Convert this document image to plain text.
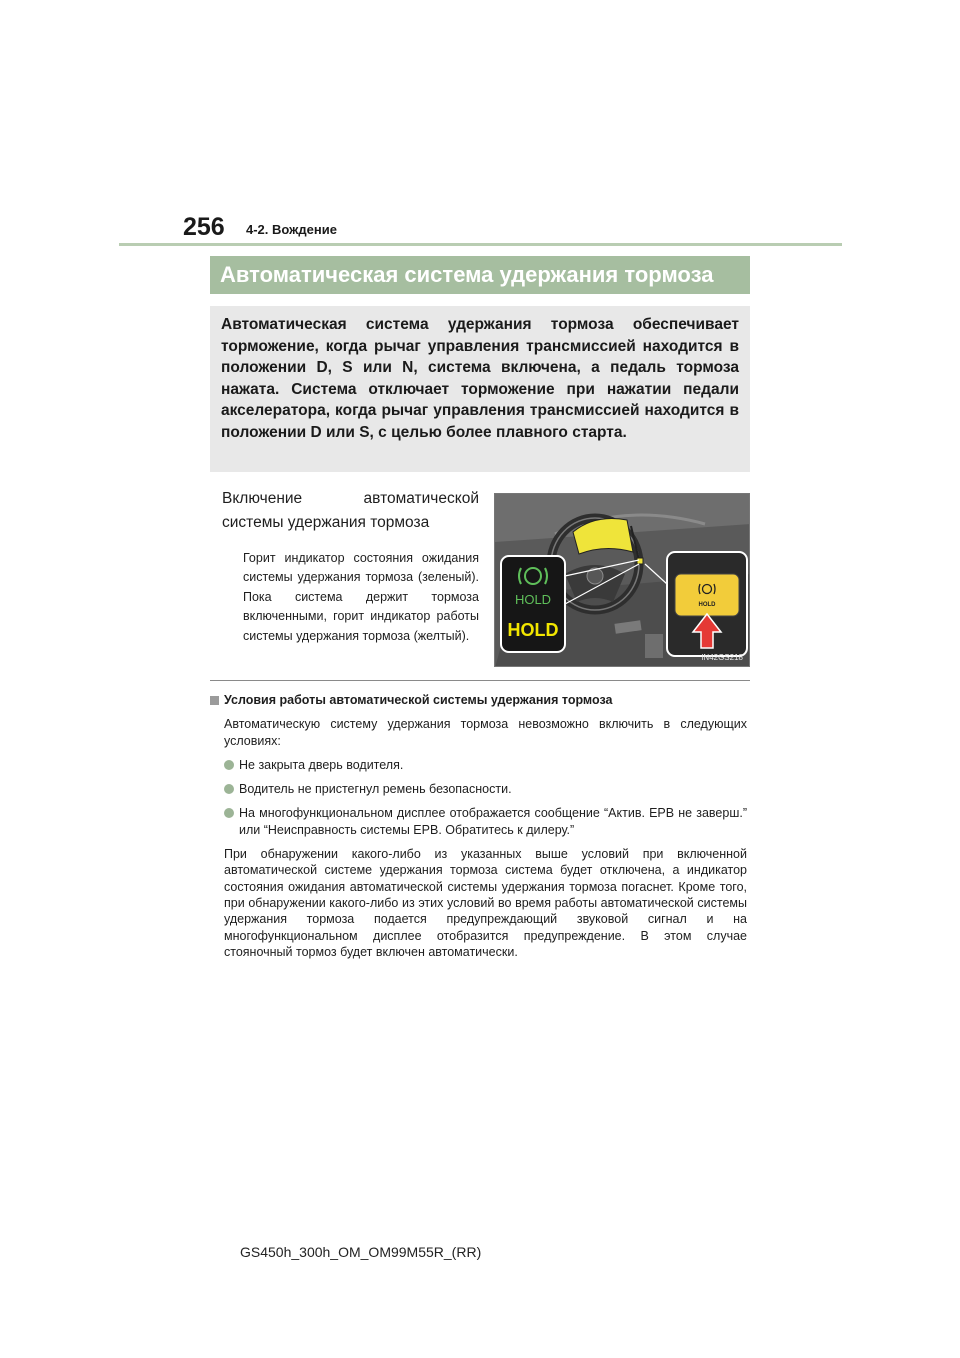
256 4-2. Вождение
Автоматическая система удержания тормоза
Автоматическая система удержания тормоза обеспечивает торможение, когда рычаг управления трансмиссией находится в положении D, S или N, система включена, а педаль тормоза нажата. Система отключает торможение при нажатии педали акселератора, когда рычаг управления трансмиссией находится в положении D или S, с целью более плавного старта.
Включение автоматической системы удержания тормоза
Горит индикатор состояния ожидания системы удержания тормоза (зеленый). Пока система держит тормоза включенными, горит индикатор работы системы удержания тормоза (желтый).
HOLD
HOLD
HOLD
IN42GS218
Условия работы автоматической системы удержания тормоза
Автоматическую систему удержания тормоза невозможно включить в следующих условиях:
Не закрыта дверь водителя.
Водитель не пристегнул ремень безопасности.
На многофункциональном дисплее отображается сообщение “Актив. EPB не заверш.” или “Неисправность системы EPB. Обратитесь к дилеру.”
При обнаружении какого-либо из указанных выше условий при включенной автоматической системе удержания тормоза система будет отключена, а индикатор состояния ожидания автоматической системы удержания тормоза погаснет. Кроме того, при обнаружении какого-либо из этих условий во время работы автоматической системы удержания тормоза подается предупреждающий звуковой сигнал и на многофункциональном дисплее отобразится предупреждение. В этом случае стояночный тормоз будет включен автоматически.
GS450h_300h_OM_OM99M55R_(RR)
